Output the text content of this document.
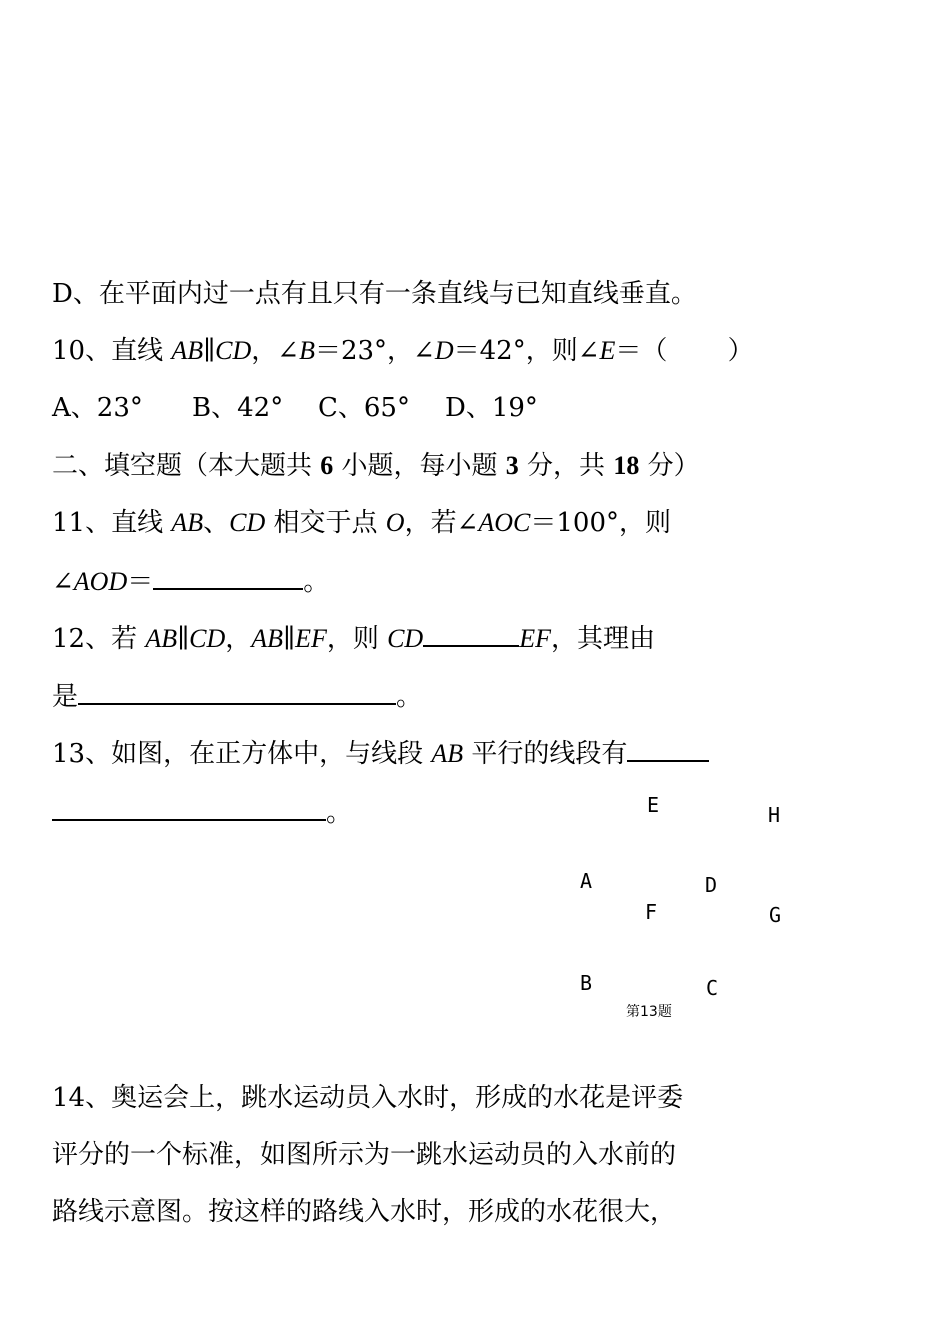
D、在平面内过一点有且只有一条直线与已知直线垂直。
10、直线 AB∥CD，∠B＝23°，∠D＝42°，则∠E＝（　　 ）
A、23° B、42° C、65° D、19°
二、填空题（本大题共 6 小题，每小题 3 分，共 18 分）
11、直线 AB、CD 相交于点 O，若∠AOC＝100°，则
∠AOD＝	。
12、若 AB∥CD，AB∥EF，则 CD	EF，其理由
是	。
13、如图，在正方体中，与线段 AB 平行的线段有
。	E	H
A	D
F	G
B	C
第13题
14、奥运会上，跳水运动员入水时，形成的水花是评委
评分的一个标准，如图所示为一跳水运动员的入水前的
路线示意图。按这样的路线入水时，形成的水花很大，
